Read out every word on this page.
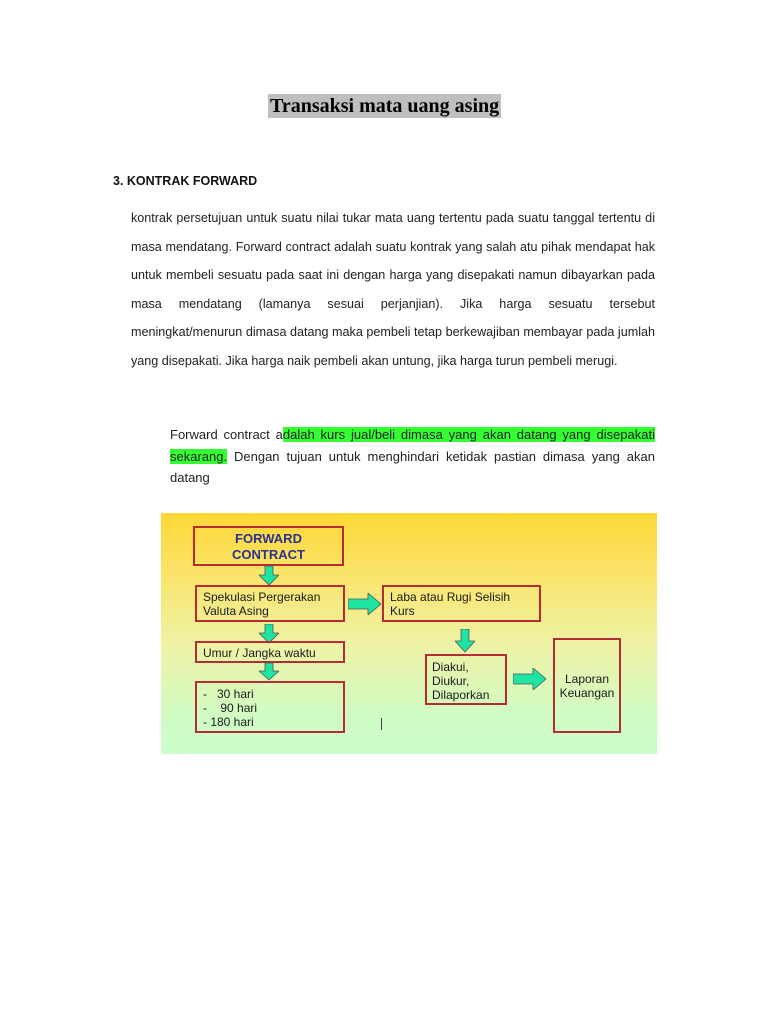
Transaksi mata uang asing
3. KONTRAK FORWARD
kontrak persetujuan untuk suatu nilai tukar mata uang tertentu pada suatu tanggal tertentu di masa mendatang. Forward contract adalah suatu kontrak yang salah atu pihak mendapat hak untuk membeli sesuatu pada saat ini dengan harga yang disepakati namun dibayarkan pada masa mendatang (lamanya sesuai perjanjian). Jika harga sesuatu tersebut meningkat/menurun dimasa datang maka pembeli tetap berkewajiban membayar pada jumlah yang disepakati. Jika harga naik pembeli akan untung, jika harga turun pembeli merugi.
Forward contract adalah kurs jual/beli dimasa yang akan datang yang disepakati sekarang. Dengan tujuan untuk menghindari ketidak pastian dimasa yang akan datang
FORWARD
CONTRACT
Spekulasi Pergerakan
Valuta Asing
Laba atau Rugi Selisih
Kurs
Umur / Jangka waktu
-   30 hari
-    90 hari
- 180 hari
Diakui,
Diukur,
Dilaporkan
Laporan
Keuangan
